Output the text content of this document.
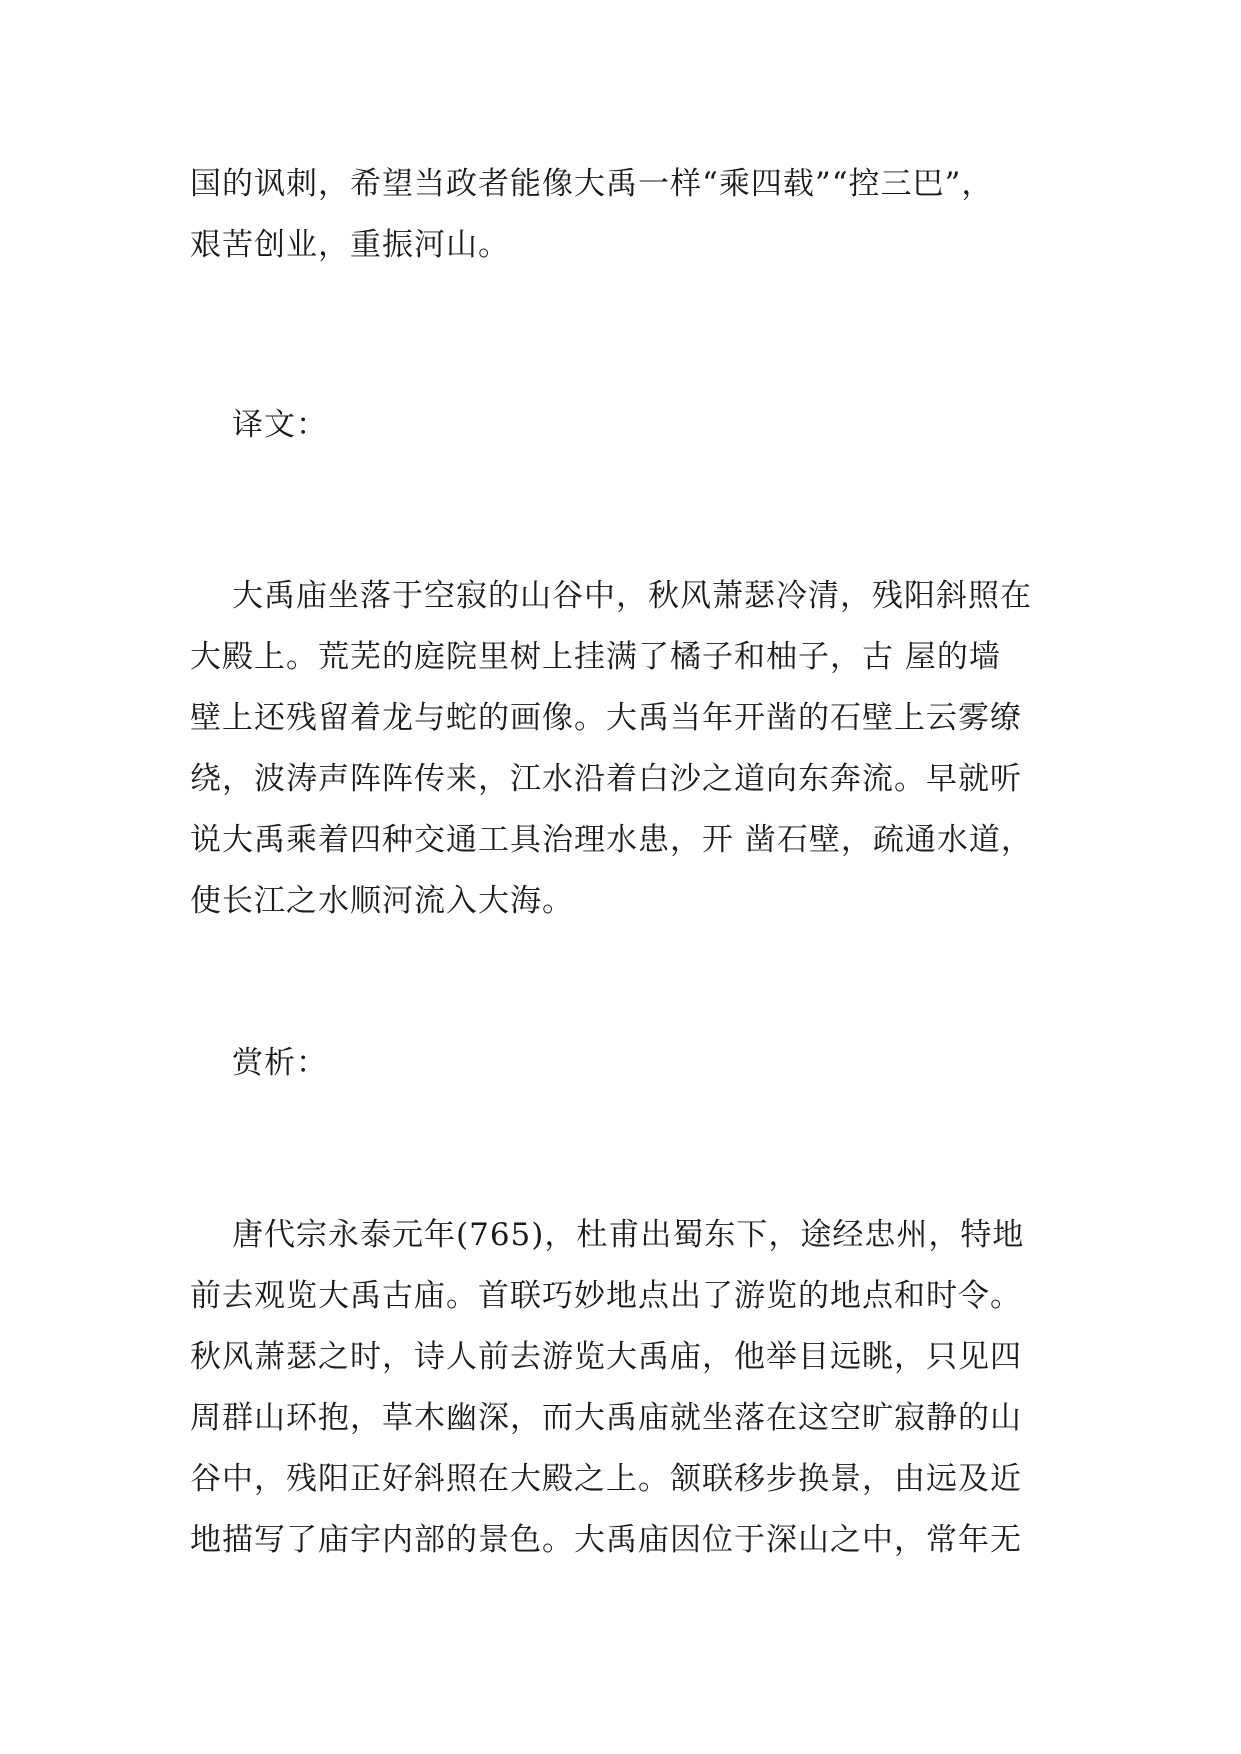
国的讽刺，希望当政者能像大禹一样“乘四载”“控三巴”，
艰苦创业，重振河山。
译文：
大禹庙坐落于空寂的山谷中，秋风萧瑟冷清，残阳斜照在
大殿上。荒芜的庭院里树上挂满了橘子和柚子，古 屋的墙
壁上还残留着龙与蛇的画像。大禹当年开凿的石壁上云雾缭
绕，波涛声阵阵传来，江水沿着白沙之道向东奔流。早就听
说大禹乘着四种交通工具治理水患，开 凿石壁，疏通水道，
使长江之水顺河流入大海。
赏析：
唐代宗永泰元年(765)，杜甫出蜀东下，途经忠州，特地
前去观览大禹古庙。首联巧妙地点出了游览的地点和时令。
秋风萧瑟之时，诗人前去游览大禹庙，他举目远眺，只见四
周群山环抱，草木幽深，而大禹庙就坐落在这空旷寂静的山
谷中，残阳正好斜照在大殿之上。颔联移步换景，由远及近
地描写了庙宇内部的景色。大禹庙因位于深山之中，常年无
